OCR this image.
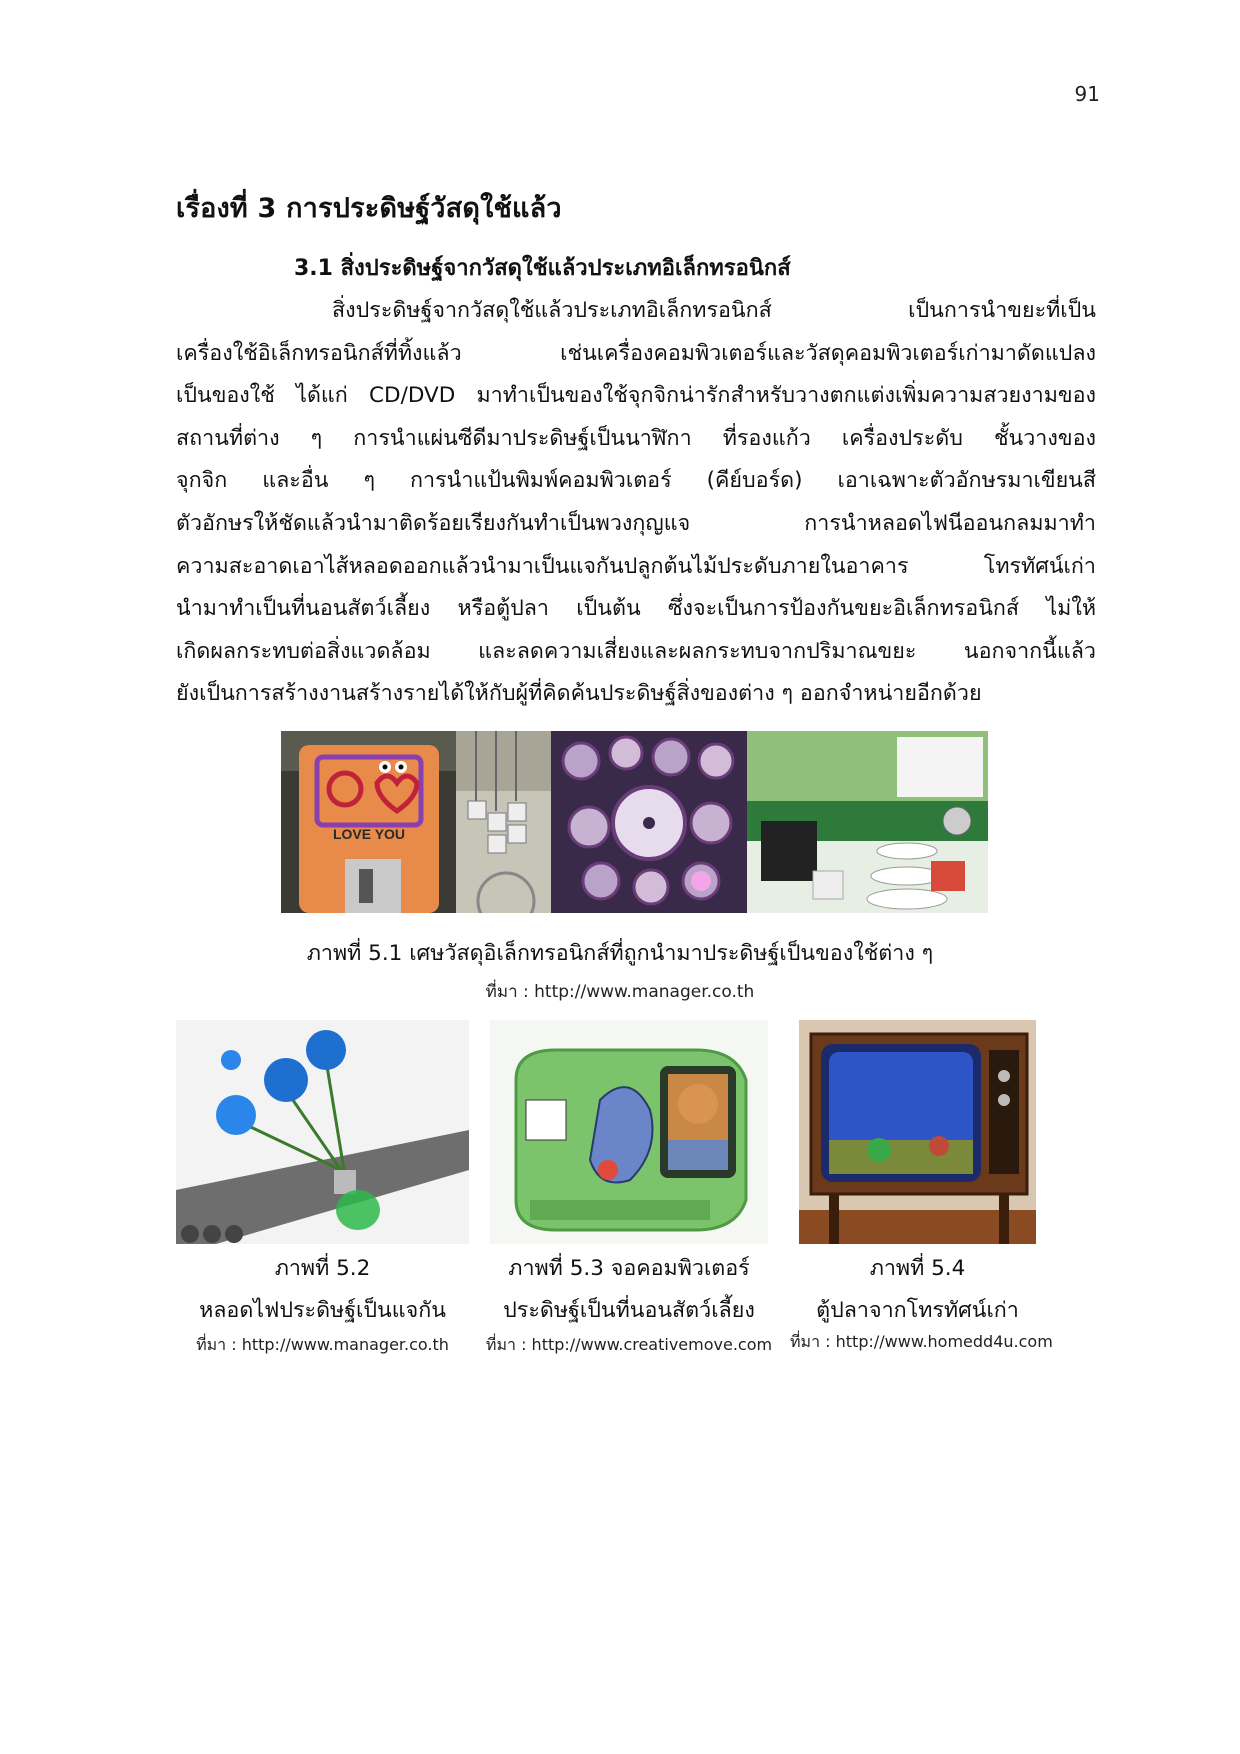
91
เรื่องที่ 3 การประดิษฐ์วัสดุใช้แล้ว
3.1 สิ่งประดิษฐ์จากวัสดุใช้แล้วประเภทอิเล็กทรอนิกส์
สิ่งประดิษฐ์จากวัสดุใช้แล้วประเภทอิเล็กทรอนิกส์ เป็นการนำขยะที่เป็น
เครื่องใช้อิเล็กทรอนิกส์ที่ทิ้งแล้ว เช่นเครื่องคอมพิวเตอร์และวัสดุคอมพิวเตอร์เก่ามาดัดแปลง
เป็นของใช้ ได้แก่ CD/DVD มาทำเป็นของใช้จุกจิกน่ารักสำหรับวางตกแต่งเพิ่มความสวยงามของ
สถานที่ต่าง ๆ การนำแผ่นซีดีมาประดิษฐ์เป็นนาฬิกา ที่รองแก้ว เครื่องประดับ ชั้นวางของ
จุกจิก และอื่น ๆ การนำแป้นพิมพ์คอมพิวเตอร์ (คีย์บอร์ด) เอาเฉพาะตัวอักษรมาเขียนสี
ตัวอักษรให้ชัดแล้วนำมาติดร้อยเรียงกันทำเป็นพวงกุญแจ การนำหลอดไฟนีออนกลมมาทำ
ความสะอาดเอาไส้หลอดออกแล้วนำมาเป็นแจกันปลูกต้นไม้ประดับภายในอาคาร โทรทัศน์เก่า
นำมาทำเป็นที่นอนสัตว์เลี้ยง หรือตู้ปลา เป็นต้น ซึ่งจะเป็นการป้องกันขยะอิเล็กทรอนิกส์ ไม่ให้
เกิดผลกระทบต่อสิ่งแวดล้อม และลดความเสี่ยงและผลกระทบจากปริมาณขยะ นอกจากนี้แล้ว
ยังเป็นการสร้างงานสร้างรายได้ให้กับผู้ที่คิดค้นประดิษฐ์สิ่งของต่าง ๆ ออกจำหน่ายอีกด้วย
LOVE YOU
ภาพที่ 5.1 เศษวัสดุอิเล็กทรอนิกส์ที่ถูกนำมาประดิษฐ์เป็นของใช้ต่าง ๆ
ที่มา : http://www.manager.co.th
ภาพที่ 5.2
หลอดไฟประดิษฐ์เป็นแจกัน
ที่มา : http://www.manager.co.th
ภาพที่ 5.3 จอคอมพิวเตอร์
ประดิษฐ์เป็นที่นอนสัตว์เลี้ยง
ที่มา : http://www.creativemove.com
ภาพที่ 5.4
ตู้ปลาจากโทรทัศน์เก่า
ที่มา : http://www.homedd4u.com
